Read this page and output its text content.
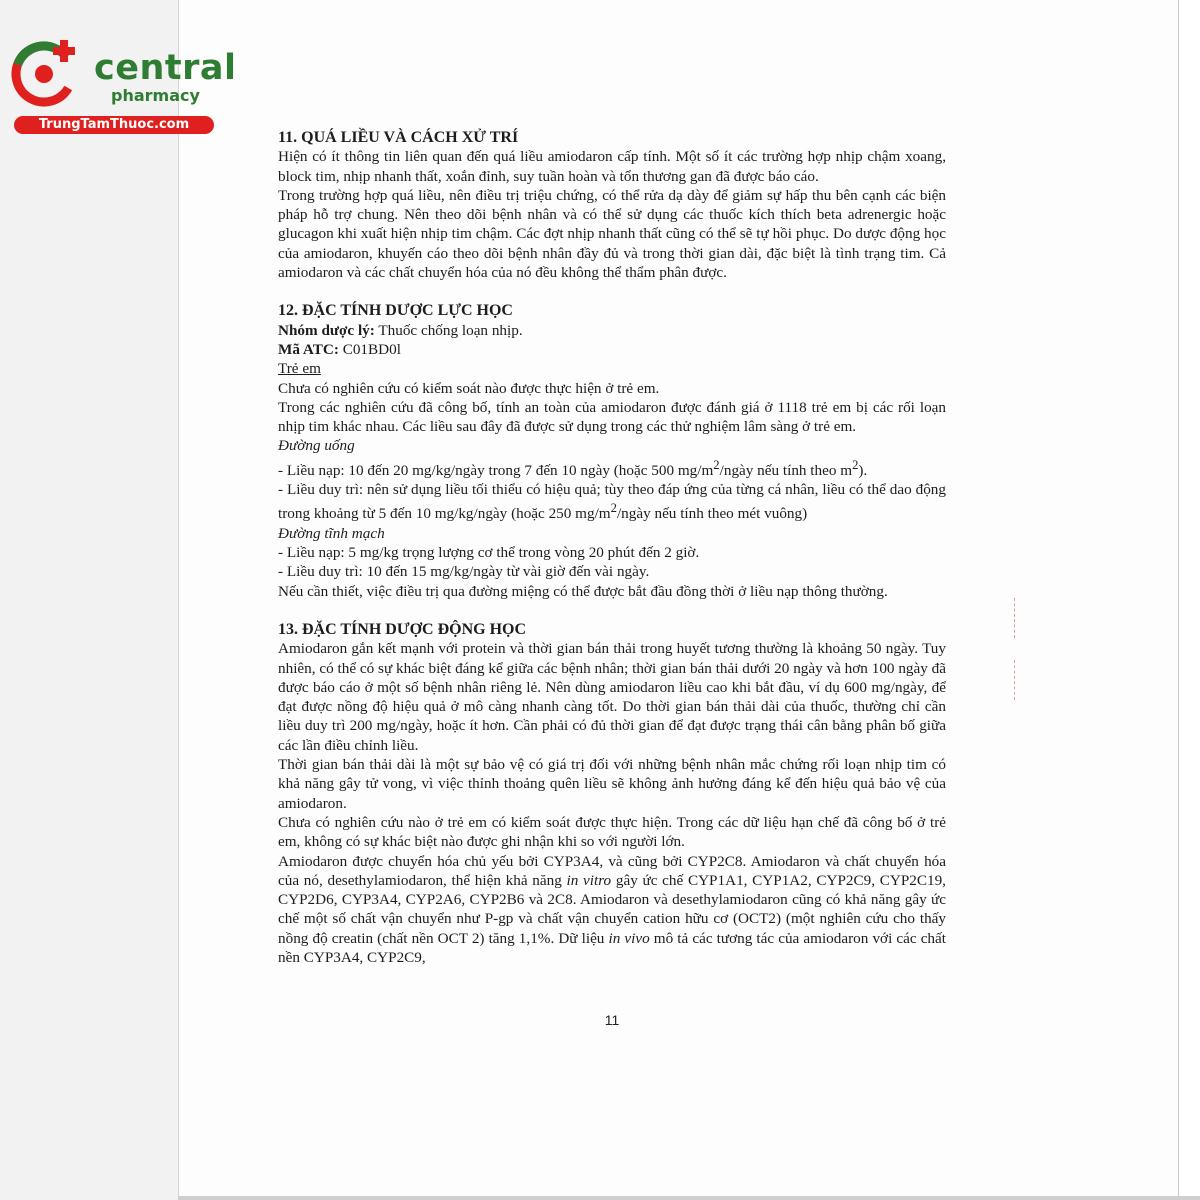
central
pharmacy
TrungTamThuoc.com

11. QUÁ LIỀU VÀ CÁCH XỬ TRÍ

Hiện có ít thông tin liên quan đến quá liều amiodaron cấp tính. Một số ít các trường hợp nhịp chậm xoang, block tim, nhịp nhanh thất, xoắn đỉnh, suy tuần hoàn và tổn thương gan đã được báo cáo.

Trong trường hợp quá liều, nên điều trị triệu chứng, có thể rửa dạ dày để giảm sự hấp thu bên cạnh các biện pháp hỗ trợ chung. Nên theo dõi bệnh nhân và có thể sử dụng các thuốc kích thích beta adrenergic hoặc glucagon khi xuất hiện nhịp tim chậm. Các đợt nhịp nhanh thất cũng có thể sẽ tự hồi phục. Do dược động học của amiodaron, khuyến cáo theo dõi bệnh nhân đầy đủ và trong thời gian dài, đặc biệt là tình trạng tim. Cả amiodaron và các chất chuyển hóa của nó đều không thể thẩm phân được.

12. ĐẶC TÍNH DƯỢC LỰC HỌC

Nhóm dược lý: Thuốc chống loạn nhịp.

Mã ATC: C01BD0l

Trẻ em

Chưa có nghiên cứu có kiểm soát nào được thực hiện ở trẻ em.

Trong các nghiên cứu đã công bố, tính an toàn của amiodaron được đánh giá ở 1118 trẻ em bị các rối loạn nhịp tim khác nhau. Các liều sau đây đã được sử dụng trong các thử nghiệm lâm sàng ở trẻ em.

Đường uống

- Liều nạp: 10 đến 20 mg/kg/ngày trong 7 đến 10 ngày (hoặc 500 $mg/m^2$/ngày nếu tính theo $m^2$).

- Liều duy trì: nên sử dụng liều tối thiểu có hiệu quả; tùy theo đáp ứng của từng cá nhân, liều có thể dao động trong khoảng từ 5 đến 10 mg/kg/ngày (hoặc 250 $mg/m^2$/ngày nếu tính theo mét vuông)

Đường tĩnh mạch

- Liều nạp: 5 mg/kg trọng lượng cơ thể trong vòng 20 phút đến 2 giờ.

- Liều duy trì: 10 đến 15 mg/kg/ngày từ vài giờ đến vài ngày.

Nếu cần thiết, việc điều trị qua đường miệng có thể được bắt đầu đồng thời ở liều nạp thông thường.

13. ĐẶC TÍNH DƯỢC ĐỘNG HỌC

Amiodaron gắn kết mạnh với protein và thời gian bán thải trong huyết tương thường là khoảng 50 ngày. Tuy nhiên, có thể có sự khác biệt đáng kể giữa các bệnh nhân; thời gian bán thải dưới 20 ngày và hơn 100 ngày đã được báo cáo ở một số bệnh nhân riêng lẻ. Nên dùng amiodaron liều cao khi bắt đầu, ví dụ 600 mg/ngày, để đạt được nồng độ hiệu quả ở mô càng nhanh càng tốt. Do thời gian bán thải dài của thuốc, thường chỉ cần liều duy trì 200 mg/ngày, hoặc ít hơn. Cần phải có đủ thời gian để đạt được trạng thái cân bằng phân bố giữa các lần điều chỉnh liều.

Thời gian bán thải dài là một sự bảo vệ có giá trị đối với những bệnh nhân mắc chứng rối loạn nhịp tim có khả năng gây tử vong, vì việc thỉnh thoảng quên liều sẽ không ảnh hưởng đáng kể đến hiệu quả bảo vệ của amiodaron.

Chưa có nghiên cứu nào ở trẻ em có kiểm soát được thực hiện. Trong các dữ liệu hạn chế đã công bố ở trẻ em, không có sự khác biệt nào được ghi nhận khi so với người lớn.

Amiodaron được chuyển hóa chủ yếu bởi CYP3A4, và cũng bởi CYP2C8. Amiodaron và chất chuyển hóa của nó, desethylamiodaron, thể hiện khả năng in vitro gây ức chế CYP1A1, CYP1A2, CYP2C9, CYP2C19, CYP2D6, CYP3A4, CYP2A6, CYP2B6 và 2C8. Amiodaron và desethylamiodaron cũng có khả năng gây ức chế một số chất vận chuyển như P-gp và chất vận chuyển cation hữu cơ (OCT2) (một nghiên cứu cho thấy nồng độ creatin (chất nền OCT 2) tăng 1,1%. Dữ liệu in vivo mô tả các tương tác của amiodaron với các chất nền CYP3A4, CYP2C9,

11
